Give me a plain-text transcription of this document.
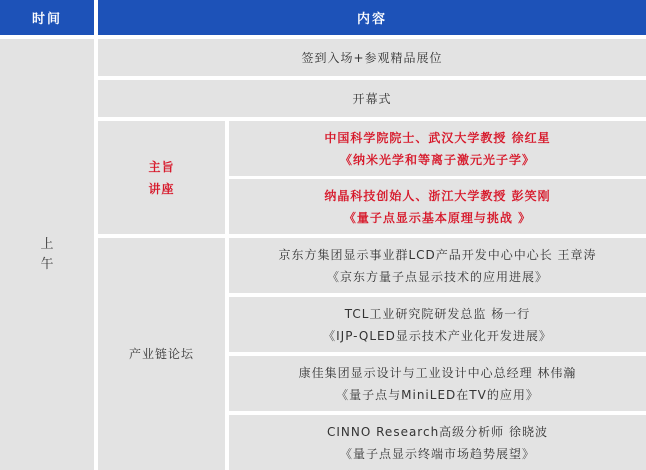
时间	内容
上
午
签到入场+参观精品展位
开幕式
主旨
讲座
中国科学院院士、武汉大学教授 徐红星
《纳米光学和等离子激元光子学》
纳晶科技创始人、浙江大学教授 彭笑刚
《量子点显示基本原理与挑战 》
产业链论坛
京东方集团显示事业群LCD产品开发中心中心长 王章涛
《京东方量子点显示技术的应用进展》
TCL工业研究院研发总监 杨一行
《IJP-QLED显示技术产业化开发进展》
康佳集团显示设计与工业设计中心总经理 林伟瀚
《量子点与MiniLED在TV的应用》
CINNO Research高级分析师 徐晓波
《量子点显示终端市场趋势展望》
